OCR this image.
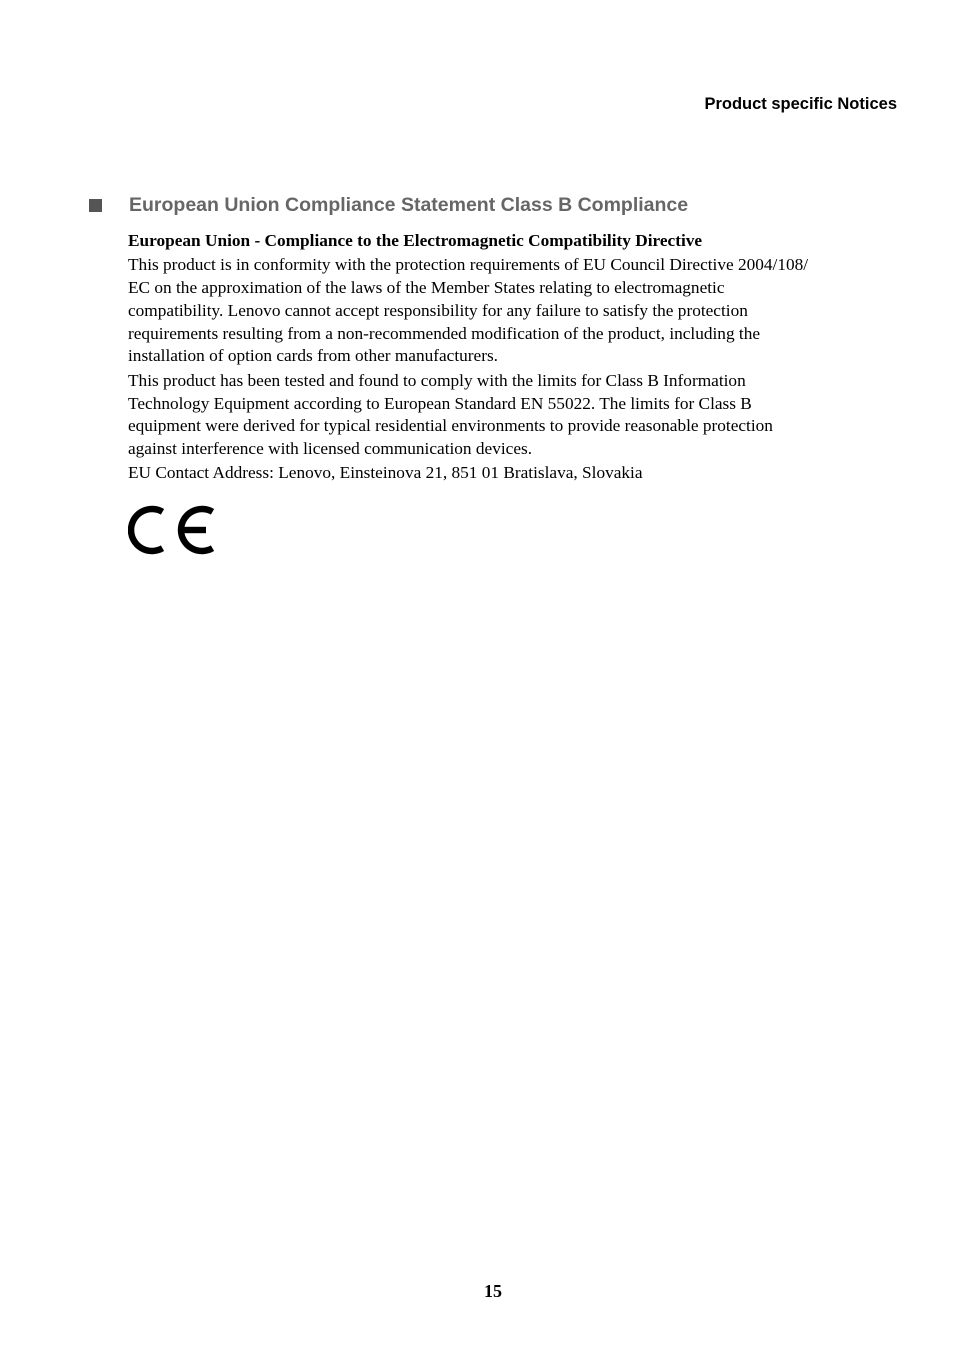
Product specific Notices
European Union Compliance Statement Class B Compliance
European Union - Compliance to the Electromagnetic Compatibility Directive
This product is in conformity with the protection requirements of EU Council Directive 2004/108/
EC on the approximation of the laws of the Member States relating to electromagnetic
compatibility. Lenovo cannot accept responsibility for any failure to satisfy the protection
requirements resulting from a non-recommended modification of the product, including the
installation of option cards from other manufacturers.
This product has been tested and found to comply with the limits for Class B Information
Technology Equipment according to European Standard EN 55022. The limits for Class B
equipment were derived for typical residential environments to provide reasonable protection
against interference with licensed communication devices.
EU Contact Address: Lenovo, Einsteinova 21, 851 01 Bratislava, Slovakia
15
